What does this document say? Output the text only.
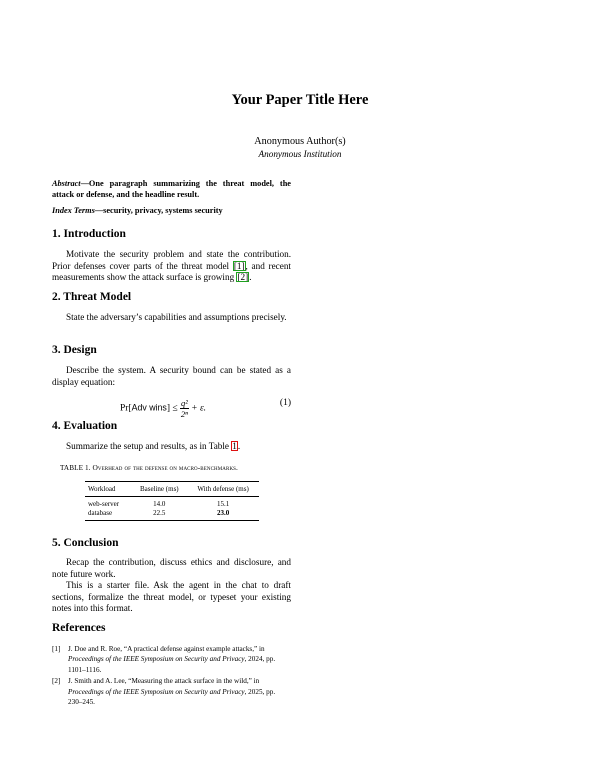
Your Paper Title Here
Anonymous Author(s)
Anonymous Institution
Abstract—One paragraph summarizing the threat model, the attack or defense, and the headline result.
Index Terms—security, privacy, systems security
1. Introduction
Motivate the security problem and state the contribution. Prior defenses cover parts of the threat model [1], and recent measurements show the attack surface is growing [2].
2. Threat Model
State the adversary’s capabilities and assumptions precisely.
3. Design
Describe the system. A security bound can be stated as a display equation:
Pr[Adv wins] ≤ $\frac{\text{q²}}{\text{2ⁿ}} + \varepsilon$.
(1)
4. Evaluation
Summarize the setup and results, as in Table 1.
TABLE 1. Overhead of the defense on macro-benchmarks.
Workload	Baseline (ms)	With defense (ms)
web-server	14.0	15.1
database	22.5	23.0
5. Conclusion
Recap the contribution, discuss ethics and disclosure, and note future work.
This is a starter file. Ask the agent in the chat to draft sections, formalize the threat model, or typeset your existing notes into this format.
References
[1] J. Doe and R. Roe, “A practical defense against example attacks,” in Proceedings of the IEEE Symposium on Security and Privacy, 2024, pp. 1101–1116.
[2] J. Smith and A. Lee, “Measuring the attack surface in the wild,” in Proceedings of the IEEE Symposium on Security and Privacy, 2025, pp. 230–245.
